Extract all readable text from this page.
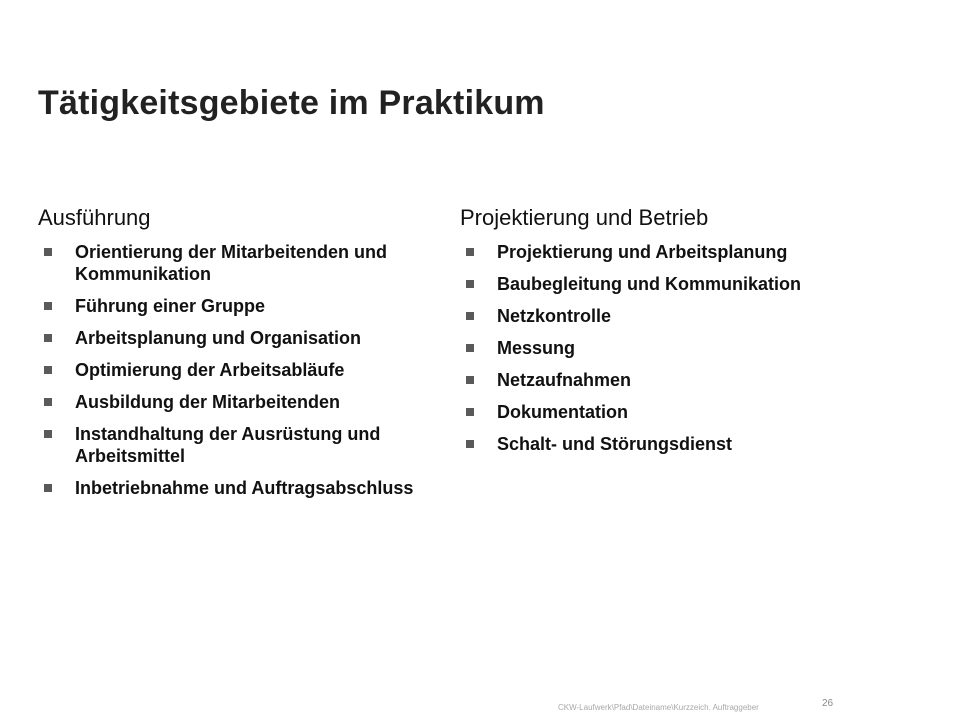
Tätigkeitsgebiete im Praktikum
Ausführung
Orientierung der Mitarbeitenden und Kommunikation
Führung einer Gruppe
Arbeitsplanung und Organisation
Optimierung der Arbeitsabläufe
Ausbildung der Mitarbeitenden
Instandhaltung der Ausrüstung und Arbeitsmittel
Inbetriebnahme und Auftragsabschluss
Projektierung und Betrieb
Projektierung und Arbeitsplanung
Baubegleitung und Kommunikation
Netzkontrolle
Messung
Netzaufnahmen
Dokumentation
Schalt- und Störungsdienst
CKW-Laufwerk\Pfad\Dateiname\Kurzzeich. Auftraggeber	26
